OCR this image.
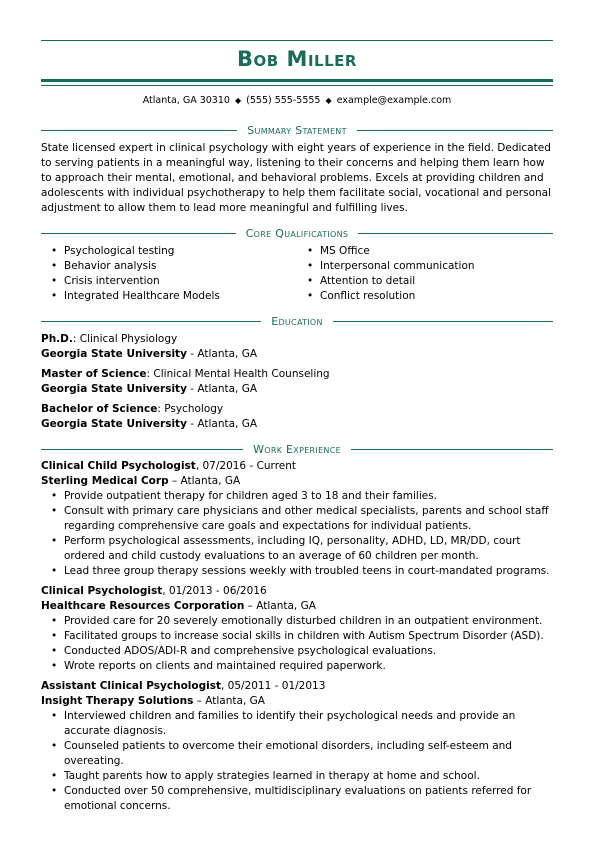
Bob Miller
Atlanta, GA 30310 ◆ (555) 555-5555 ◆ example@example.com
Summary Statement
State licensed expert in clinical psychology with eight years of experience in the field. Dedicated to serving patients in a meaningful way, listening to their concerns and helping them learn how to approach their mental, emotional, and behavioral problems. Excels at providing children and adolescents with individual psychotherapy to help them facilitate social, vocational and personal adjustment to allow them to lead more meaningful and fulfilling lives.
Core Qualifications
• Psychological testing
• Behavior analysis
• Crisis intervention
• Integrated Healthcare Models
• MS Office
• Interpersonal communication
• Attention to detail
• Conflict resolution
Education
Ph.D.: Clinical Physiology
Georgia State University - Atlanta, GA
Master of Science: Clinical Mental Health Counseling
Georgia State University - Atlanta, GA
Bachelor of Science: Psychology
Georgia State University - Atlanta, GA
Work Experience
Clinical Child Psychologist, 07/2016 - Current
Sterling Medical Corp – Atlanta, GA
• Provide outpatient therapy for children aged 3 to 18 and their families.
• Consult with primary care physicians and other medical specialists, parents and school staff regarding comprehensive care goals and expectations for individual patients.
• Perform psychological assessments, including IQ, personality, ADHD, LD, MR/DD, court ordered and child custody evaluations to an average of 60 children per month.
• Lead three group therapy sessions weekly with troubled teens in court-mandated programs.
Clinical Psychologist, 01/2013 - 06/2016
Healthcare Resources Corporation – Atlanta, GA
• Provided care for 20 severely emotionally disturbed children in an outpatient environment.
• Facilitated groups to increase social skills in children with Autism Spectrum Disorder (ASD).
• Conducted ADOS/ADI-R and comprehensive psychological evaluations.
• Wrote reports on clients and maintained required paperwork.
Assistant Clinical Psychologist, 05/2011 - 01/2013
Insight Therapy Solutions – Atlanta, GA
• Interviewed children and families to identify their psychological needs and provide an accurate diagnosis.
• Counseled patients to overcome their emotional disorders, including self-esteem and overeating.
• Taught parents how to apply strategies learned in therapy at home and school.
• Conducted over 50 comprehensive, multidisciplinary evaluations on patients referred for emotional concerns.
